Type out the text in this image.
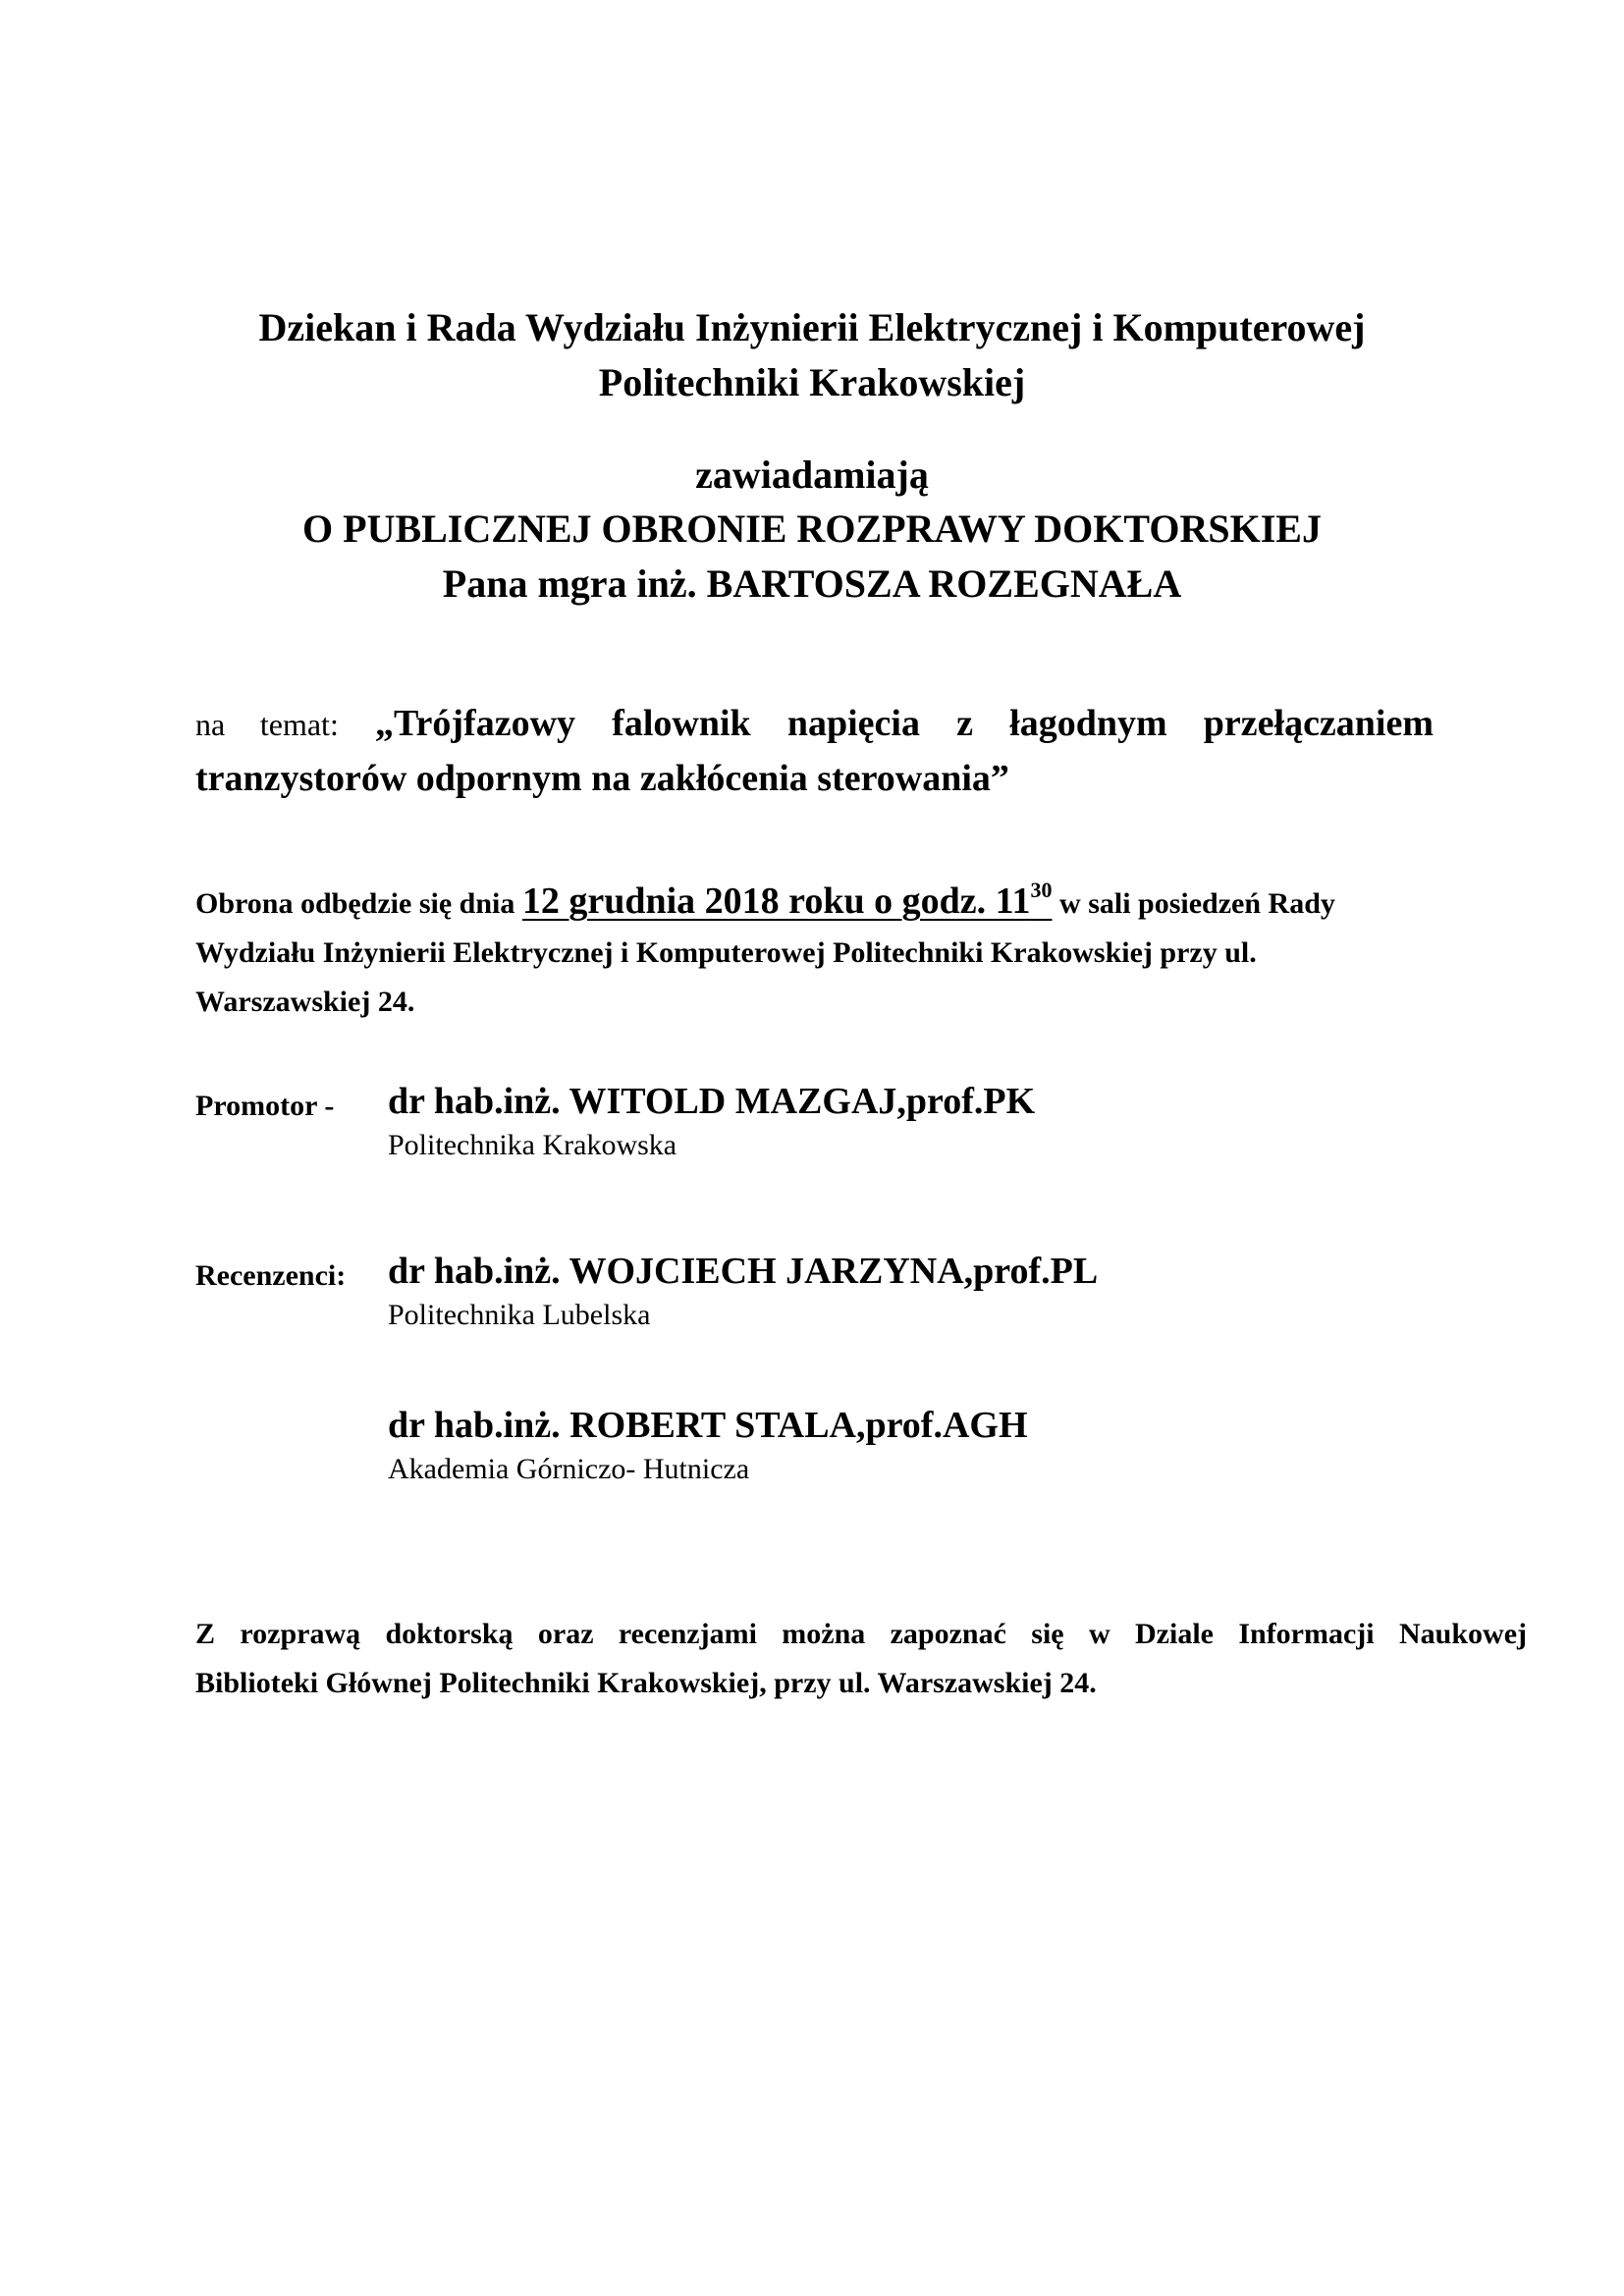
Dziekan i Rada Wydziału Inżynierii Elektrycznej i Komputerowej
Politechniki Krakowskiej
zawiadamiają
O PUBLICZNEJ OBRONIE ROZPRAWY DOKTORSKIEJ
Pana mgra inż. BARTOSZA ROZEGNAŁA
na temat: „Trójfazowy falownik napięcia z łagodnym przełączaniem
tranzystorów odpornym na zakłócenia sterowania”
Obrona odbędzie się dnia 12 grudnia 2018 roku o godz. $11^{30}$ w sali posiedzeń Rady
Wydziału Inżynierii Elektrycznej i Komputerowej Politechniki Krakowskiej przy ul.
Warszawskiej 24.
Promotor - dr hab.inż. WITOLD MAZGAJ,prof.PK
Politechnika Krakowska
Recenzenci: dr hab.inż. WOJCIECH JARZYNA,prof.PL
Politechnika Lubelska
dr hab.inż. ROBERT STALA,prof.AGH
Akademia Górniczo- Hutnicza
Z rozprawą doktorską oraz recenzjami można zapoznać się w Dziale Informacji Naukowej
Biblioteki Głównej Politechniki Krakowskiej, przy ul. Warszawskiej 24.
